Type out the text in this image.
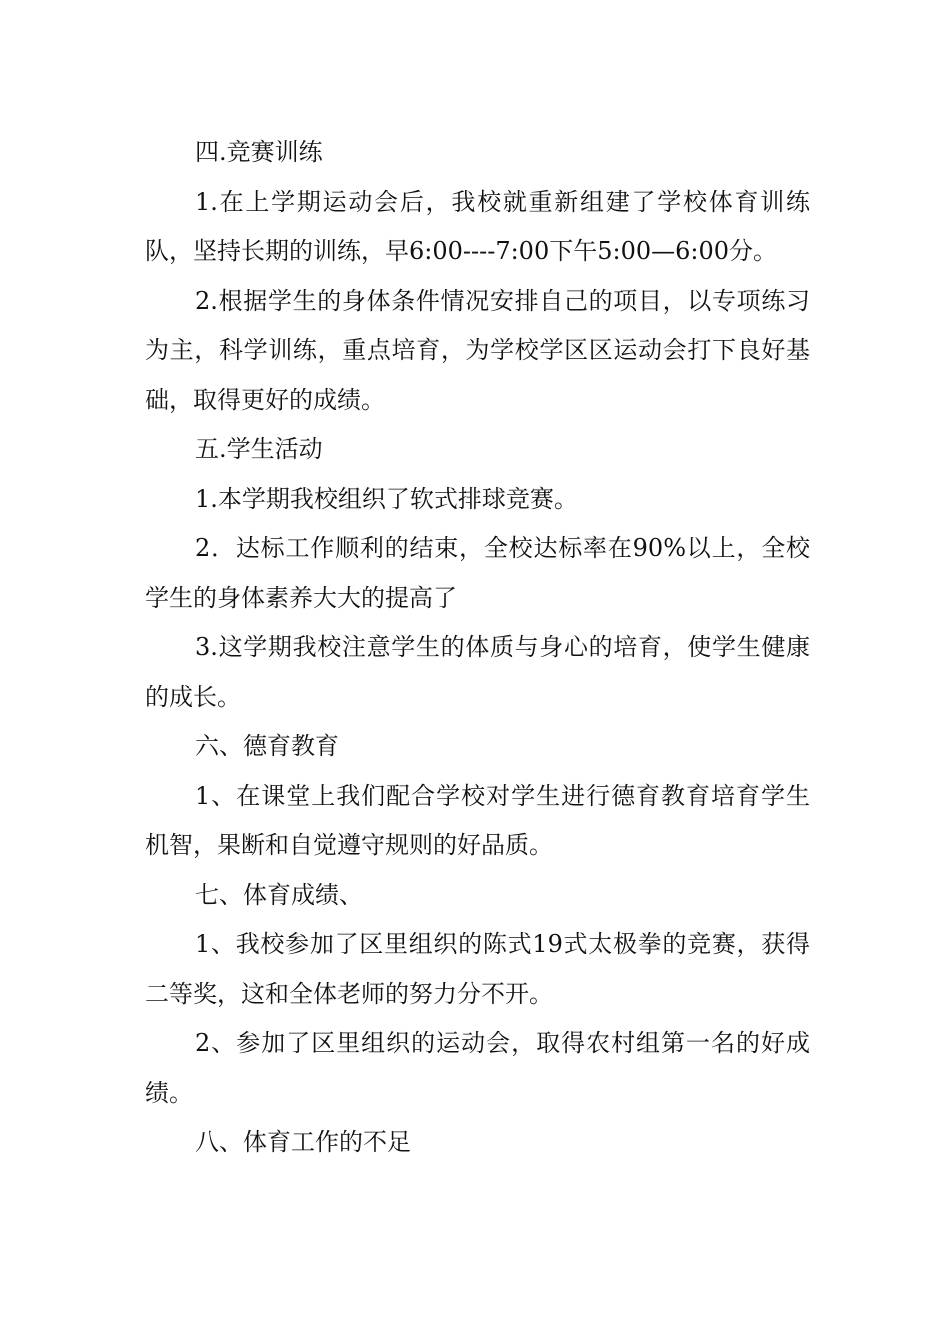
四.竞赛训练

1.在上学期运动会后，我校就重新组建了学校体育训练队，坚持长期的训练，早6:00----7:00下午5:00—6:00分。

2.根据学生的身体条件情况安排自己的项目，以专项练习为主，科学训练，重点培育，为学校学区区运动会打下良好基础，取得更好的成绩。

五.学生活动

1.本学期我校组织了软式排球竞赛。

2．达标工作顺利的结束，全校达标率在90%以上，全校学生的身体素养大大的提高了

3.这学期我校注意学生的体质与身心的培育，使学生健康的成长。

六、德育教育

1、在课堂上我们配合学校对学生进行德育教育培育学生机智，果断和自觉遵守规则的好品质。

七、体育成绩、

1、我校参加了区里组织的陈式19式太极拳的竞赛，获得二等奖，这和全体老师的努力分不开。

2、参加了区里组织的运动会，取得农村组第一名的好成绩。

八、体育工作的不足
